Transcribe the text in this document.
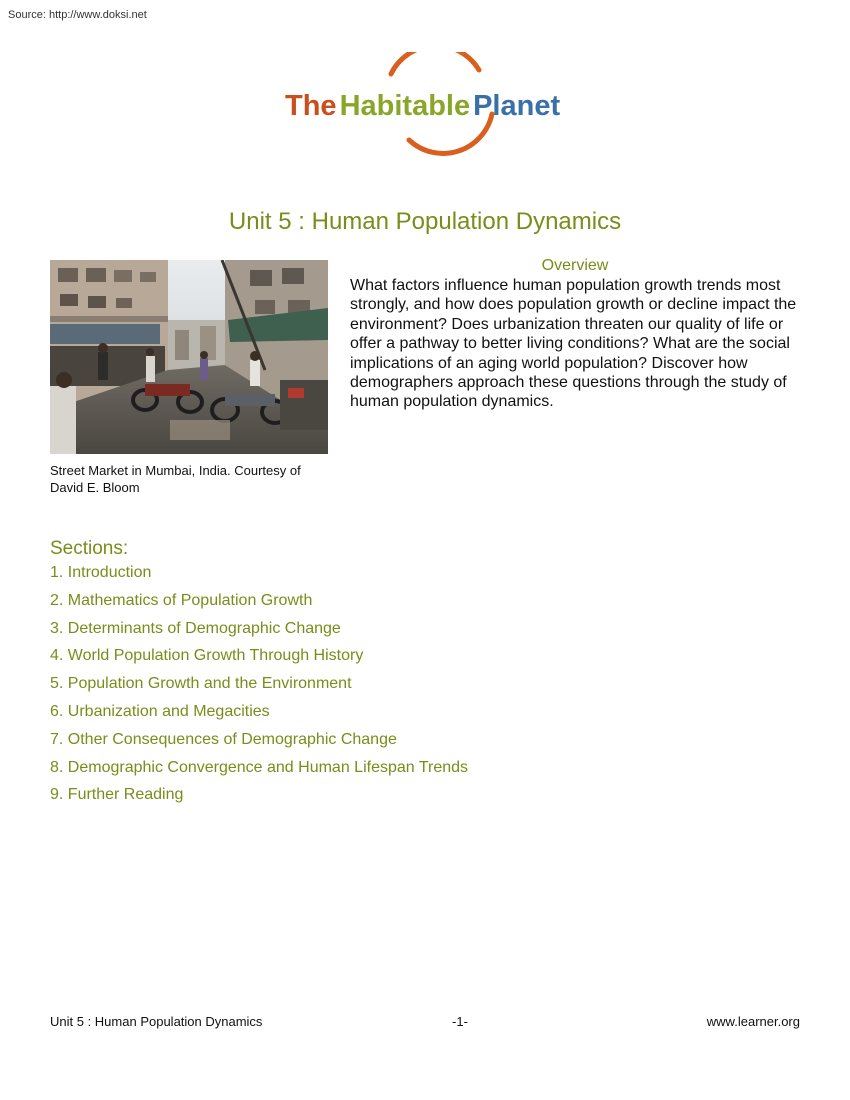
Source: http://www.doksi.net
The Habitable Planet
Unit 5 : Human Population Dynamics
Street Market in Mumbai, India. Courtesy of David E. Bloom
Overview
What factors influence human population growth trends most strongly, and how does population growth or decline impact the environment? Does urbanization threaten our quality of life or offer a pathway to better living conditions? What are the social implications of an aging world population? Discover how demographers approach these questions through the study of human population dynamics.
Sections:
1. Introduction
2. Mathematics of Population Growth
3. Determinants of Demographic Change
4. World Population Growth Through History
5. Population Growth and the Environment
6. Urbanization and Megacities
7. Other Consequences of Demographic Change
8. Demographic Convergence and Human Lifespan Trends
9. Further Reading
Unit 5 : Human Population Dynamics	-1-	www.learner.org
